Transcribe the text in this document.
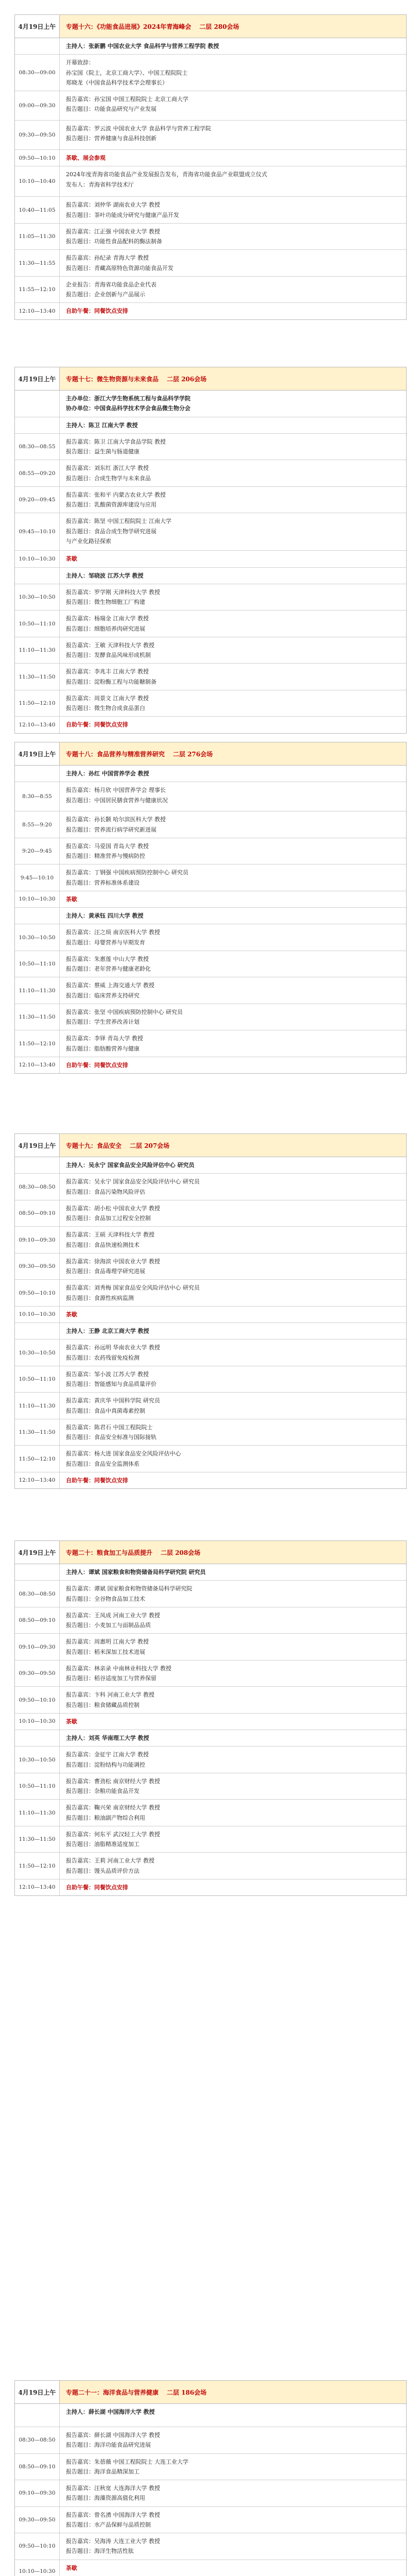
4月19日上午	专题十六：《功能食品进展》2024年青海峰会 二层 280会场
主持人：张新鹏 中国农业大学 食品科学与营养工程学院 教授
08:30—09:00
开幕致辞：
孙宝国（院士，北京工商大学）、中国工程院院士
郑晓龙（中国食品科学技术学会理事长）
09:00—09:30
报告嘉宾：孙宝国 中国工程院院士 北京工商大学
报告题目：功能食品研究与产业发展
09:30—09:50
报告嘉宾：罗云波 中国农业大学 食品科学与营养工程学院
报告题目：营养健康与食品科技创新
09:50—10:10	茶歇、展会参观
10:10—10:40
2024年度青海省功能食品产业发展报告发布，青海省功能食品产业联盟成立仪式
发布人：青海省科学技术厅
10:40—11:05
报告嘉宾：刘仲华 湖南农业大学 教授
报告题目：茶叶功能成分研究与健康产品开发
11:05—11:30
报告嘉宾：江正强 中国农业大学 教授
报告题目：功能性食品配料的酶法制备
11:30—11:55
报告嘉宾：孙纪录 青海大学 教授
报告题目：青藏高原特色资源功能食品开发
11:55—12:10
企业报告：青海省功能食品企业代表
报告题目：企业创新与产品展示
12:10—13:40	自助午餐：同餐饮点安排
4月19日上午	专题十七：微生物资源与未来食品 二层 206会场
主办单位：浙江大学生物系统工程与食品科学学院
协办单位：中国食品科学技术学会食品微生物分会
主持人：陈卫 江南大学 教授
08:30—08:55
报告嘉宾：陈卫 江南大学食品学院 教授
报告题目：益生菌与肠道健康
08:55—09:20
报告嘉宾：刘东红 浙江大学 教授
报告题目：合成生物学与未来食品
09:20—09:45
报告嘉宾：张和平 内蒙古农业大学 教授
报告题目：乳酸菌资源库建设与应用
09:45—10:10
报告嘉宾：陈坚 中国工程院院士 江南大学
报告题目：食品合成生物学研究进展
与产业化路径探索
10:10—10:30	茶歇
主持人：邹晓波 江苏大学 教授
10:30—10:50
报告嘉宾：罗学刚 天津科技大学 教授
报告题目：微生物细胞工厂构建
10:50—11:10
报告嘉宾：杨瑞金 江南大学 教授
报告题目：细胞培养肉研究进展
11:10—11:30
报告嘉宾：王敏 天津科技大学 教授
报告题目：发酵食品风味形成机制
11:30—11:50
报告嘉宾：李兆丰 江南大学 教授
报告题目：淀粉酶工程与功能糖制备
11:50—12:10
报告嘉宾：周景文 江南大学 教授
报告题目：微生物合成食品蛋白
12:10—13:40	自助午餐：同餐饮点安排
4月19日上午	专题十八：食品营养与精准营养研究 二层 276会场
主持人：孙红 中国营养学会 教授
8:30—8:55
报告嘉宾：杨月欣 中国营养学会 理事长
报告题目：中国居民膳食营养与健康状况
8:55—9:20
报告嘉宾：孙长颢 哈尔滨医科大学 教授
报告题目：营养流行病学研究新进展
9:20—9:45
报告嘉宾：马爱国 青岛大学 教授
报告题目：精准营养与慢病防控
9:45—10:10
报告嘉宾：丁钢强 中国疾病预防控制中心 研究员
报告题目：营养标准体系建设
10:10—10:30	茶歇
主持人：黄承钰 四川大学 教授
10:30—10:50
报告嘉宾：汪之顼 南京医科大学 教授
报告题目：母婴营养与早期发育
10:50—11:10
报告嘉宾：朱惠莲 中山大学 教授
报告题目：老年营养与健康老龄化
11:10—11:30
报告嘉宾：蔡威 上海交通大学 教授
报告题目：临床营养支持研究
11:30—11:50
报告嘉宾：张坚 中国疾病预防控制中心 研究员
报告题目：学生营养改善计划
11:50—12:10
报告嘉宾：李铎 青岛大学 教授
报告题目：脂肪酸营养与健康
12:10—13:40	自助午餐：同餐饮点安排
4月19日上午	专题十九：食品安全 二层 207会场
主持人：吴永宁 国家食品安全风险评估中心 研究员
08:30—08:50
报告嘉宾：吴永宁 国家食品安全风险评估中心 研究员
报告题目：食品污染物风险评估
08:50—09:10
报告嘉宾：胡小松 中国农业大学 教授
报告题目：食品加工过程安全控制
09:10—09:30
报告嘉宾：王硕 天津科技大学 教授
报告题目：食品快速检测技术
09:30—09:50
报告嘉宾：徐海滨 中国农业大学 教授
报告题目：食品毒理学研究进展
09:50—10:10
报告嘉宾：刘秀梅 国家食品安全风险评估中心 研究员
报告题目：食源性疾病监测
10:10—10:30	茶歇
主持人：王静 北京工商大学 教授
10:30—10:50
报告嘉宾：孙远明 华南农业大学 教授
报告题目：农药残留免疫检测
10:50—11:10
报告嘉宾：邹小波 江苏大学 教授
报告题目：智能感知与食品质量评价
11:10—11:30
报告嘉宾：黄庆华 中国科学院 研究员
报告题目：食品中真菌毒素控制
11:30—11:50
报告嘉宾：陈君石 中国工程院院士
报告题目：食品安全标准与国际接轨
11:50—12:10
报告嘉宾：杨大进 国家食品安全风险评估中心
报告题目：食品安全监测体系
12:10—13:40	自助午餐：同餐饮点安排
4月19日上午	专题二十：粮食加工与品质提升 二层 208会场
主持人：谭斌 国家粮食和物资储备局科学研究院 研究员
08:30—08:50
报告嘉宾：谭斌 国家粮食和物资储备局科学研究院
报告题目：全谷物食品加工技术
08:50—09:10
报告嘉宾：王凤成 河南工业大学 教授
报告题目：小麦加工与面制品品质
09:10—09:30
报告嘉宾：周惠明 江南大学 教授
报告题目：稻米深加工技术进展
09:30—09:50
报告嘉宾：林亲录 中南林业科技大学 教授
报告题目：稻谷适度加工与营养保留
09:50—10:10
报告嘉宾：卞科 河南工业大学 教授
报告题目：粮食储藏品质控制
10:10—10:30	茶歇
主持人：刘英 华南理工大学 教授
10:30—10:50
报告嘉宾：金征宇 江南大学 教授
报告题目：淀粉结构与功能调控
10:50—11:10
报告嘉宾：曹劲松 南京财经大学 教授
报告题目：杂粮功能食品开发
11:10—11:30
报告嘉宾：鞠兴荣 南京财经大学 教授
报告题目：粮油副产物综合利用
11:30—11:50
报告嘉宾：何东平 武汉轻工大学 教授
报告题目：油脂精准适度加工
11:50—12:10
报告嘉宾：王莉 河南工业大学 教授
报告题目：馒头品质评价方法
12:10—13:40	自助午餐：同餐饮点安排
4月19日上午	专题二十一：海洋食品与营养健康 二层 186会场
主持人：薛长湖 中国海洋大学 教授
08:30—08:50
报告嘉宾：薛长湖 中国海洋大学 教授
报告题目：海洋功能食品研究进展
08:50—09:10
报告嘉宾：朱蓓薇 中国工程院院士 大连工业大学
报告题目：海洋食品精深加工
09:10—09:30
报告嘉宾：汪秋宽 大连海洋大学 教授
报告题目：海藻资源高值化利用
09:30—09:50
报告嘉宾：曾名湧 中国海洋大学 教授
报告题目：水产品保鲜与品质控制
09:50—10:10
报告嘉宾：吴海涛 大连工业大学 教授
报告题目：海洋生物活性肽
10:10—10:30	茶歇
